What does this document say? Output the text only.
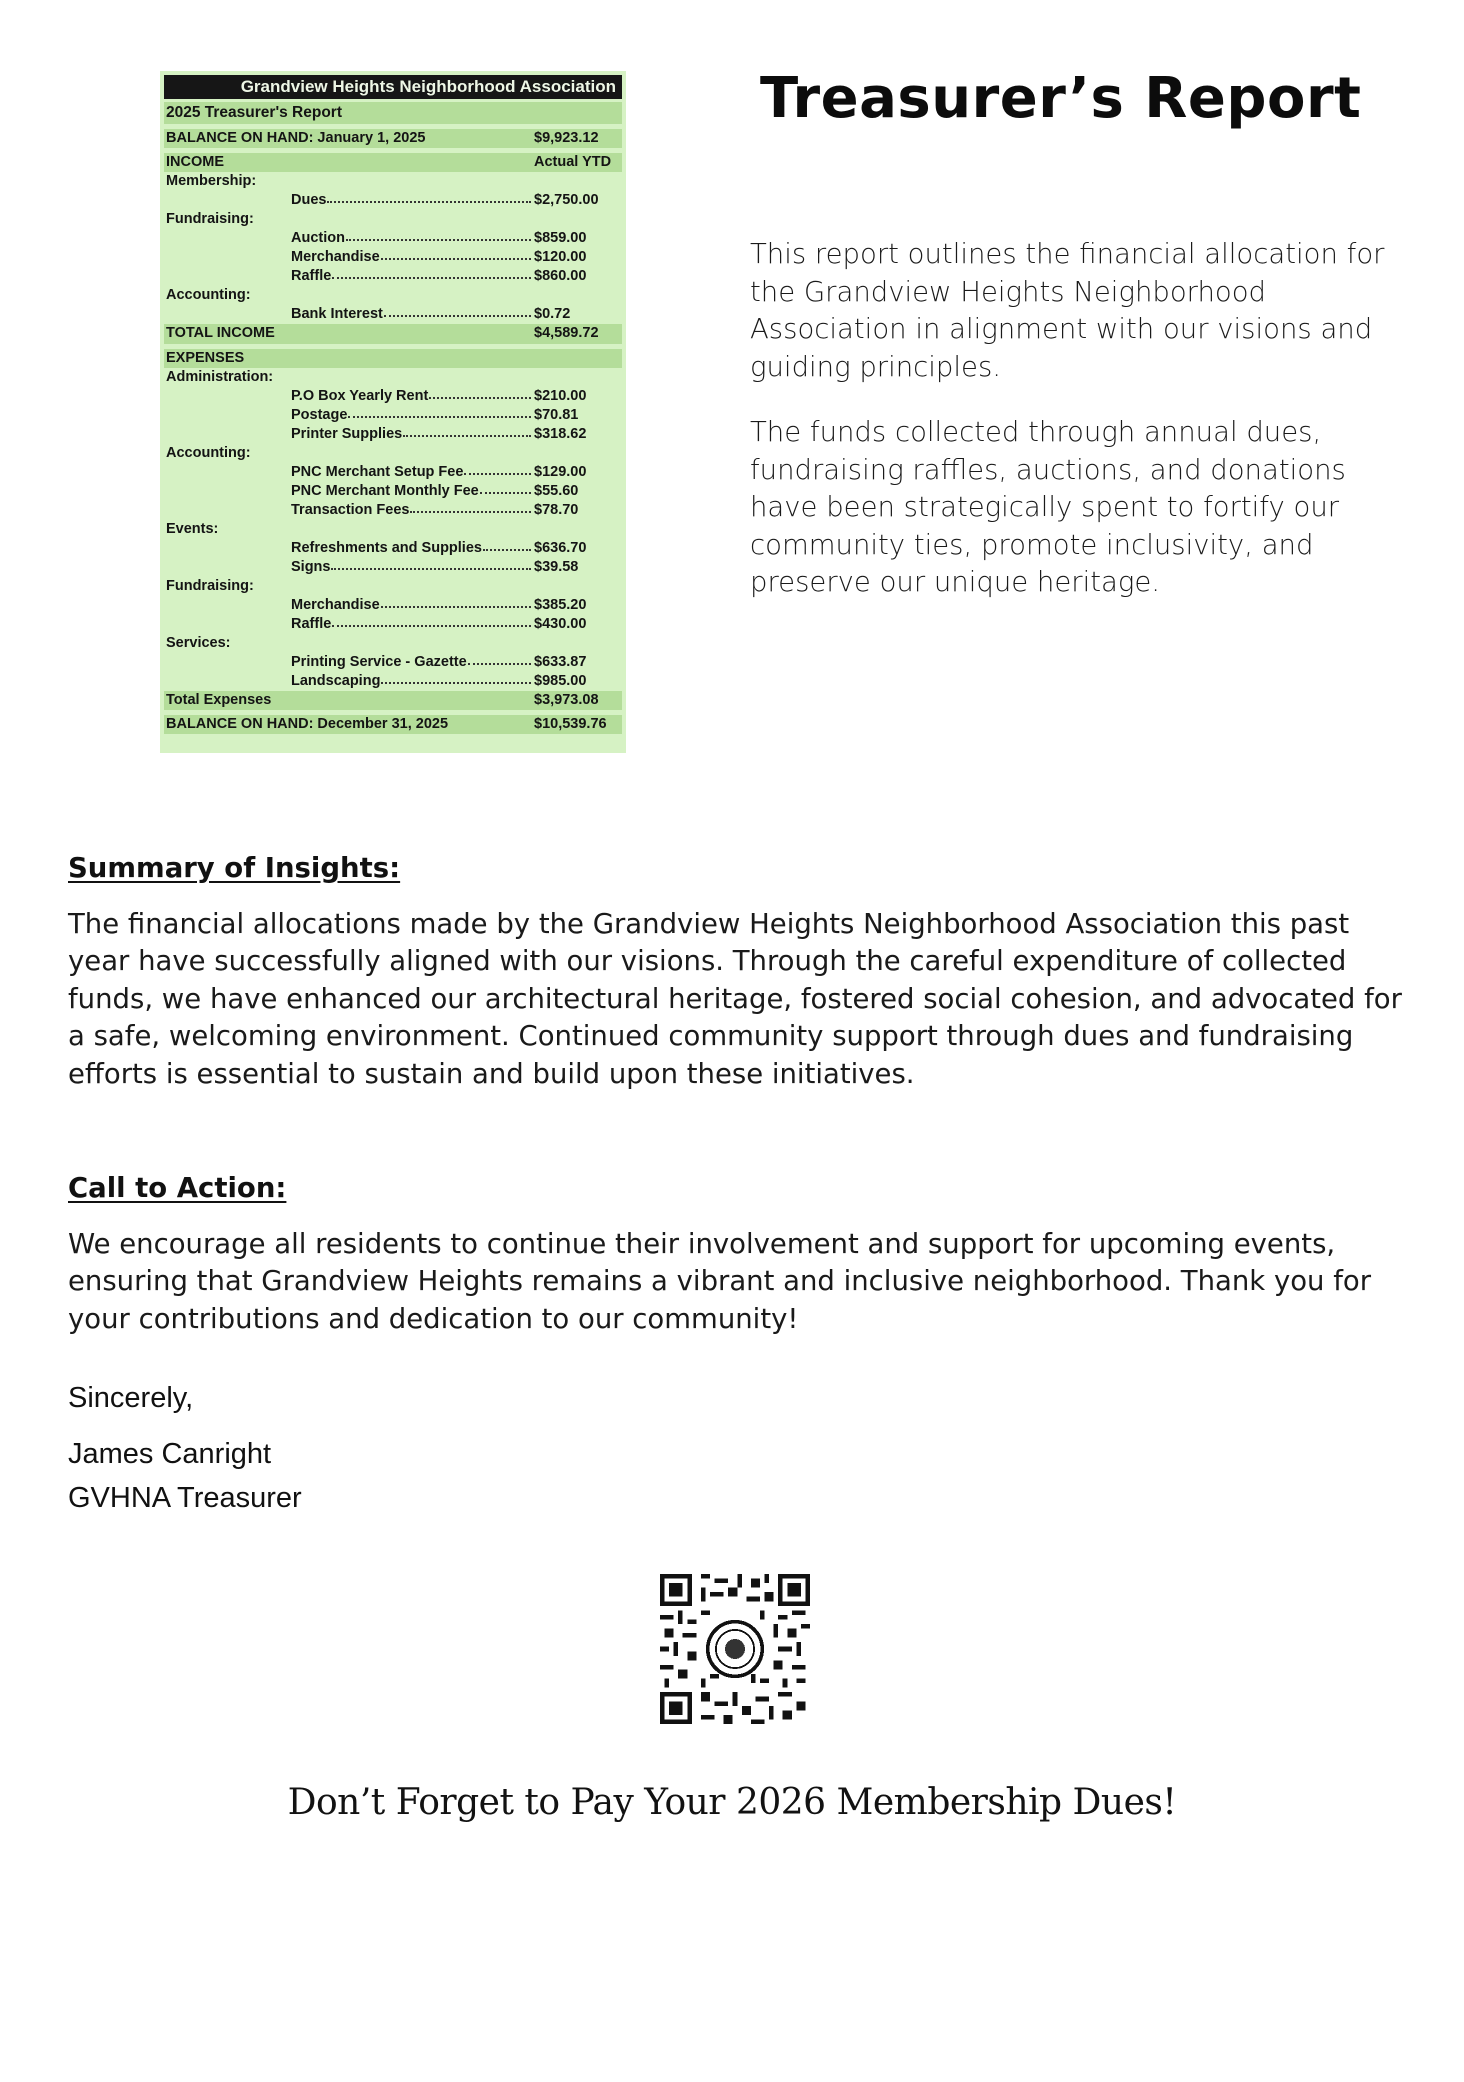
Grandview Heights Neighborhood Association
2025 Treasurer's Report
BALANCE ON HAND: January 1, 2025	$9,923.12
INCOME	Actual YTD
Membership:
Dues	$2,750.00
Fundraising:
Auction	$859.00
Merchandise	$120.00
Raffle	$860.00
Accounting:
Bank Interest	$0.72
TOTAL INCOME	$4,589.72
EXPENSES
Administration:
P.O Box Yearly Rent	$210.00
Postage	$70.81
Printer Supplies	$318.62
Accounting:
PNC Merchant Setup Fee	$129.00
PNC Merchant Monthly Fee	$55.60
Transaction Fees	$78.70
Events:
Refreshments and Supplies	$636.70
Signs	$39.58
Fundraising:
Merchandise	$385.20
Raffle	$430.00
Services:
Printing Service - Gazette	$633.87
Landscaping	$985.00
Total Expenses	$3,973.08
BALANCE ON HAND: December 31, 2025	$10,539.76
Treasurer’s Report

This report outlines the financial allocation for the Grandview Heights Neighborhood Association in alignment with our visions and guiding principles.

The funds collected through annual dues, fundraising raffles, auctions, and donations have been strategically spent to fortify our community ties, promote inclusivity, and preserve our unique heritage.

Summary of Insights:

The financial allocations made by the Grandview Heights Neighborhood Association this past year have successfully aligned with our visions. Through the careful expenditure of collected funds, we have enhanced our architectural heritage, fostered social cohesion, and advocated for a safe, welcoming environment. Continued community support through dues and fundraising efforts is essential to sustain and build upon these initiatives.

Call to Action:

We encourage all residents to continue their involvement and support for upcoming events, ensuring that Grandview Heights remains a vibrant and inclusive neighborhood. Thank you for your contributions and dedication to our community!

Sincerely,

James Canright

GVHNA Treasurer

Don’t Forget to Pay Your 2026 Membership Dues!
